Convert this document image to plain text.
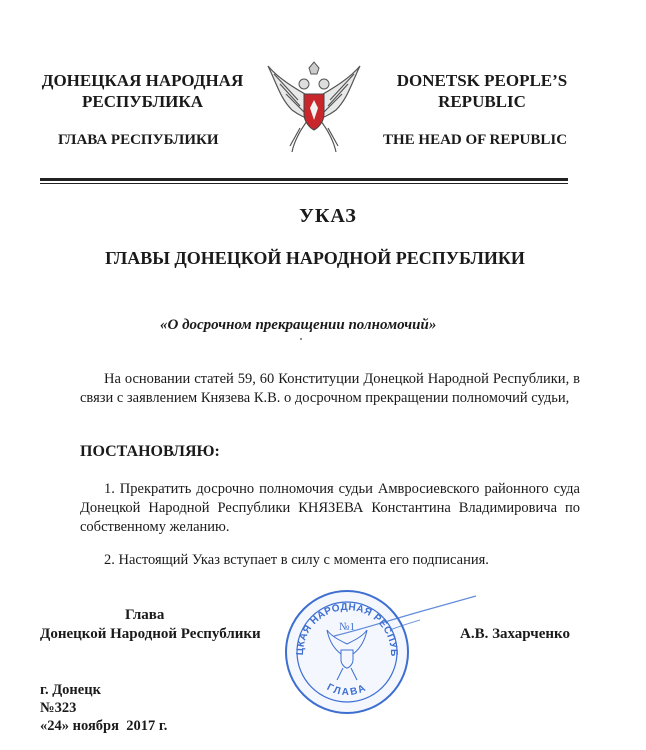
ДОНЕЦКАЯ НАРОДНАЯ
РЕСПУБЛИКА
ГЛАВА РЕСПУБЛИКИ
DONETSK PEOPLE’S
REPUBLIC
THE HEAD OF REPUBLIC
УКАЗ
ГЛАВЫ ДОНЕЦКОЙ НАРОДНОЙ РЕСПУБЛИКИ
«О досрочном прекращении полномочий»
На основании статей 59, 60 Конституции Донецкой Народной Республики, в связи с заявлением Князева К.В. о досрочном прекращении полномочий судьи,
ПОСТАНОВЛЯЮ:
1. Прекратить досрочно полномочия судьи Амвросиевского районного суда Донецкой Народной Республики КНЯЗЕВА Константина Владимировича по собственному желанию.
2. Настоящий Указ вступает в силу с момента его подписания.
Глава
Донецкой Народной Республики	А.В. Захарченко
ЦКАЯ НАРОДНАЯ РЕСПУБ
№1
ГЛАВА
г. Донецк
№323
«24» ноября  2017 г.
